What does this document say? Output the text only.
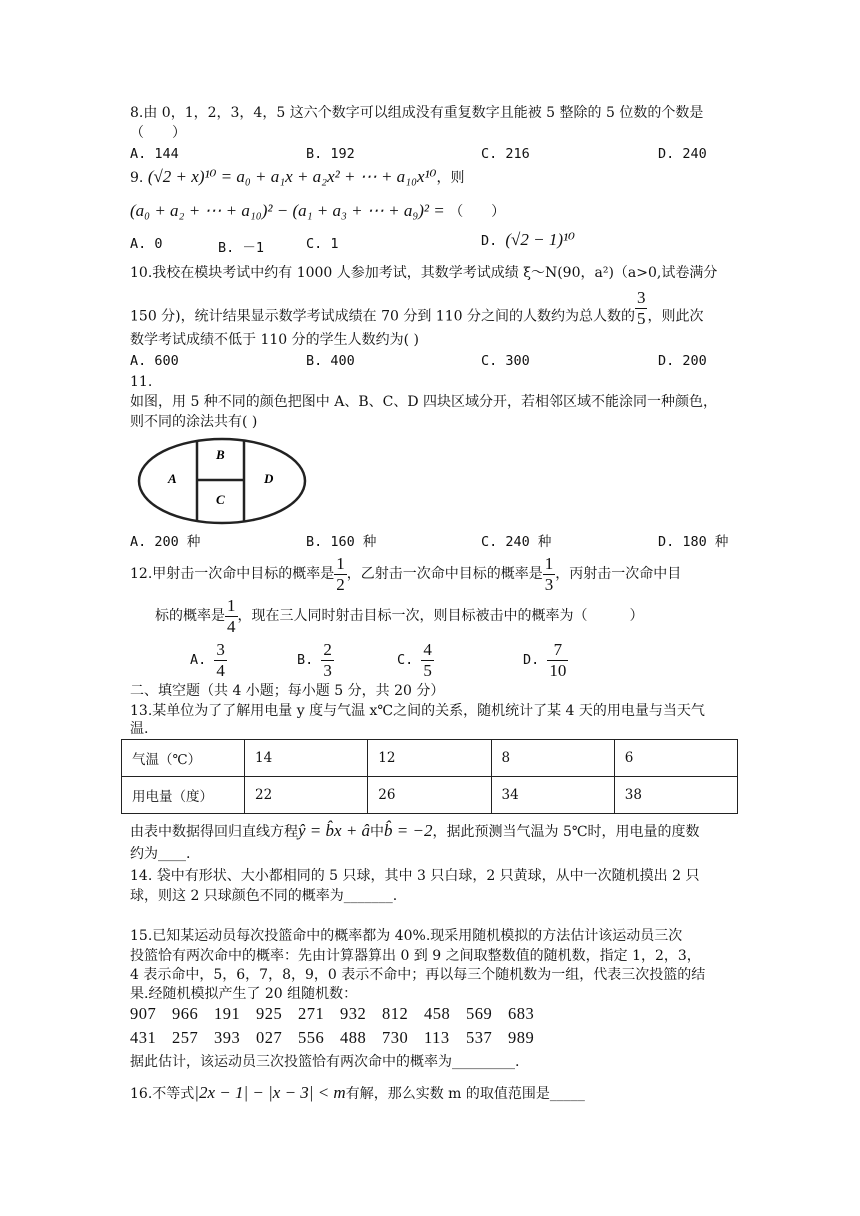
8.由 0，1，2，3，4，5 这六个数字可以组成没有重复数字且能被 5 整除的 5 位数的个数是
（　　）
A. 144	B. 192	C. 216	D. 240
9. (√2 + x)¹⁰ = a₀ + a₁x + a₂x² + ⋯ + a₁₀x¹⁰，则
(a₀ + a₂ + ⋯ + a₁₀)² − (a₁ + a₃ + ⋯ + a₉)² = （　　）
A. 0	B. －1	C. 1	D. (√2 − 1)¹⁰
10.我校在模块考试中约有 1000 人参加考试，其数学考试成绩 ξ～N(90，a²)（a>0,试卷满分
150 分)，统计结果显示数学考试成绩在 70 分到 110 分之间的人数约为总人数的 $\frac{3}{5}$ ，则此次
数学考试成绩不低于 110 分的学生人数约为( )
A. 600	B. 400	C. 300	D. 200
11.
如图，用 5 种不同的颜色把图中 A、B、C、D 四块区域分开，若相邻区域不能涂同一种颜色，
则不同的涂法共有( )
A
B
C
D
A. 200 种	B. 160 种	C. 240 种	D. 180 种
12.甲射击一次命中目标的概率是 $\frac{1}{2}$ ，乙射击一次命中目标的概率是 $\frac{1}{3}$ ，丙射击一次命中目
标的概率是 $\frac{1}{4}$ ，现在三人同时射击目标一次，则目标被击中的概率为（　　　）
A. $\frac{3}{4}$	B. $\frac{2}{3}$	C. $\frac{4}{5}$	D. $\frac{7}{10}$
二、填空题（共 4 小题；每小题 5 分，共 20 分）
13.某单位为了了解用电量 y 度与气温 x℃之间的关系，随机统计了某 4 天的用电量与当天气
温.
气温（℃）	14	12	8	6
用电量（度）	22	26	34	38
由表中数据得回归直线方程ŷ = b̂x + â中b̂ = −2，据此预测当气温为 5℃时，用电量的度数
约为____.
14. 袋中有形状、大小都相同的 5 只球，其中 3 只白球，2 只黄球，从中一次随机摸出 2 只
球，则这 2 只球颜色不同的概率为_______.
15.已知某运动员每次投篮命中的概率都为 40%.现采用随机模拟的方法估计该运动员三次
投篮恰有两次命中的概率：先由计算器算出 0 到 9 之间取整数值的随机数，指定 1，2，3，
4 表示命中，5，6，7，8，9，0 表示不命中；再以每三个随机数为一组，代表三次投篮的结
果.经随机模拟产生了 20 组随机数：
907 966 191 925 271 932 812 458 569 683
431 257 393 027 556 488 730 113 537 989
据此估计，该运动员三次投篮恰有两次命中的概率为_________.
16.不等式|2x − 1| − |x − 3| < m有解，那么实数 m 的取值范围是_____
